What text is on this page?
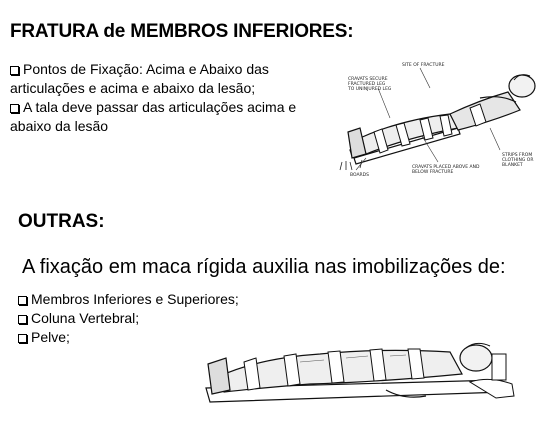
FRATURA de MEMBROS INFERIORES:

Pontos de Fixação: Acima e Abaixo das
articulações e acima e abaixo da lesão;

A tala deve passar das articulações acima e
abaixo da lesão

SITE OF FRACTURE
CRAVATS SECURE
FRACTURED LEG
TO UNINJURED LEG
STRIPS FROM
CLOTHING OR
BLANKET
CRAVATS PLACED ABOVE AND
BELOW FRACTURE
BOARDS
OUTRAS:

A fixação em maca rígida auxilia nas imobilizações de:

Membros Inferiores e Superiores;

Coluna Vertebral;

Pelve;
